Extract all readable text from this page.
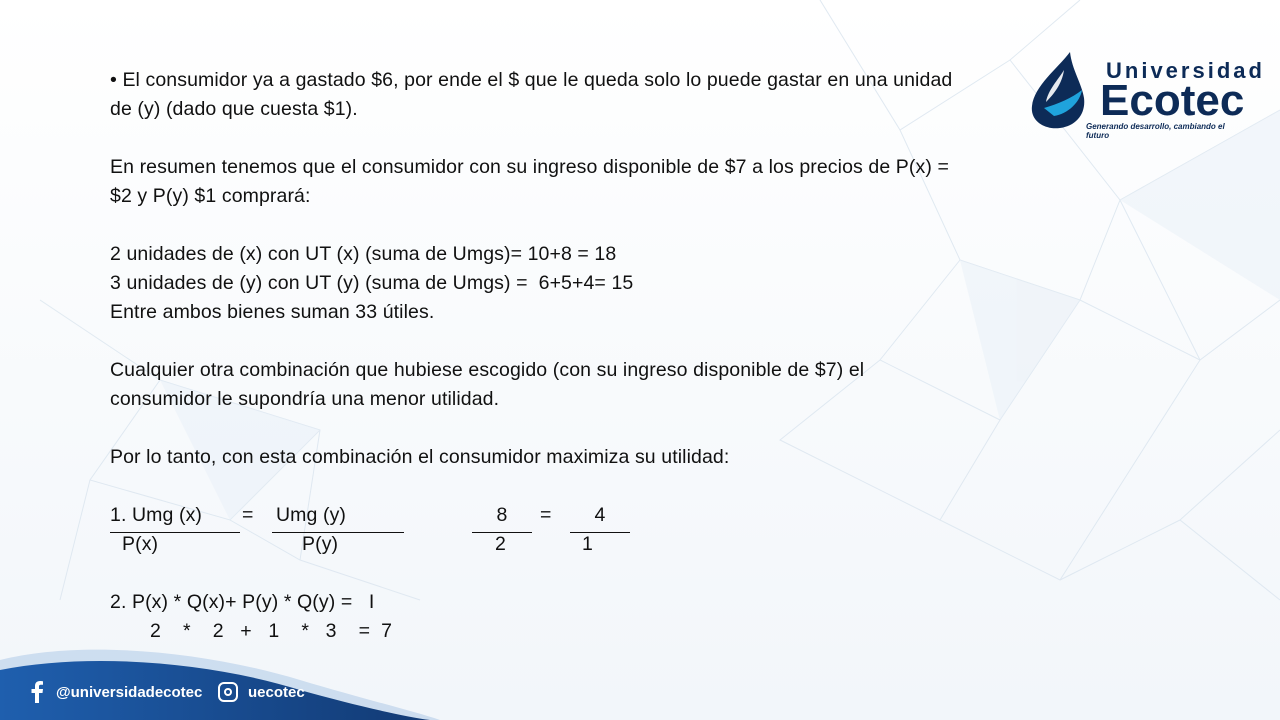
@universidadecotec	uecotec
Universidad
Ecotec
Generando desarrollo, cambiando el futuro
• El consumidor ya a gastado $6, por ende el $ que le queda solo lo puede gastar en una unidad
de (y) (dado que cuesta $1).
En resumen tenemos que el consumidor con su ingreso disponible de $7 a los precios de P(x) =
$2 y P(y) $1 comprará:
2 unidades de (x) con UT (x) (suma de Umgs)= 10+8 = 18
3 unidades de (y) con UT (y) (suma de Umgs) =  6+5+4= 15
Entre ambos bienes suman 33 útiles.
Cualquier otra combinación que hubiese escogido (con su ingreso disponible de $7) el
consumidor le supondría una menor utilidad.
Por lo tanto, con esta combinación el consumidor maximiza su utilidad:
1. Umg (x)	= Umg (y)	8	=	4
P(x)	P(y)	2	1
2. P(x) * Q(x)+ P(y) * Q(y) =   I
2    *    2   +   1    *   3    =  7
